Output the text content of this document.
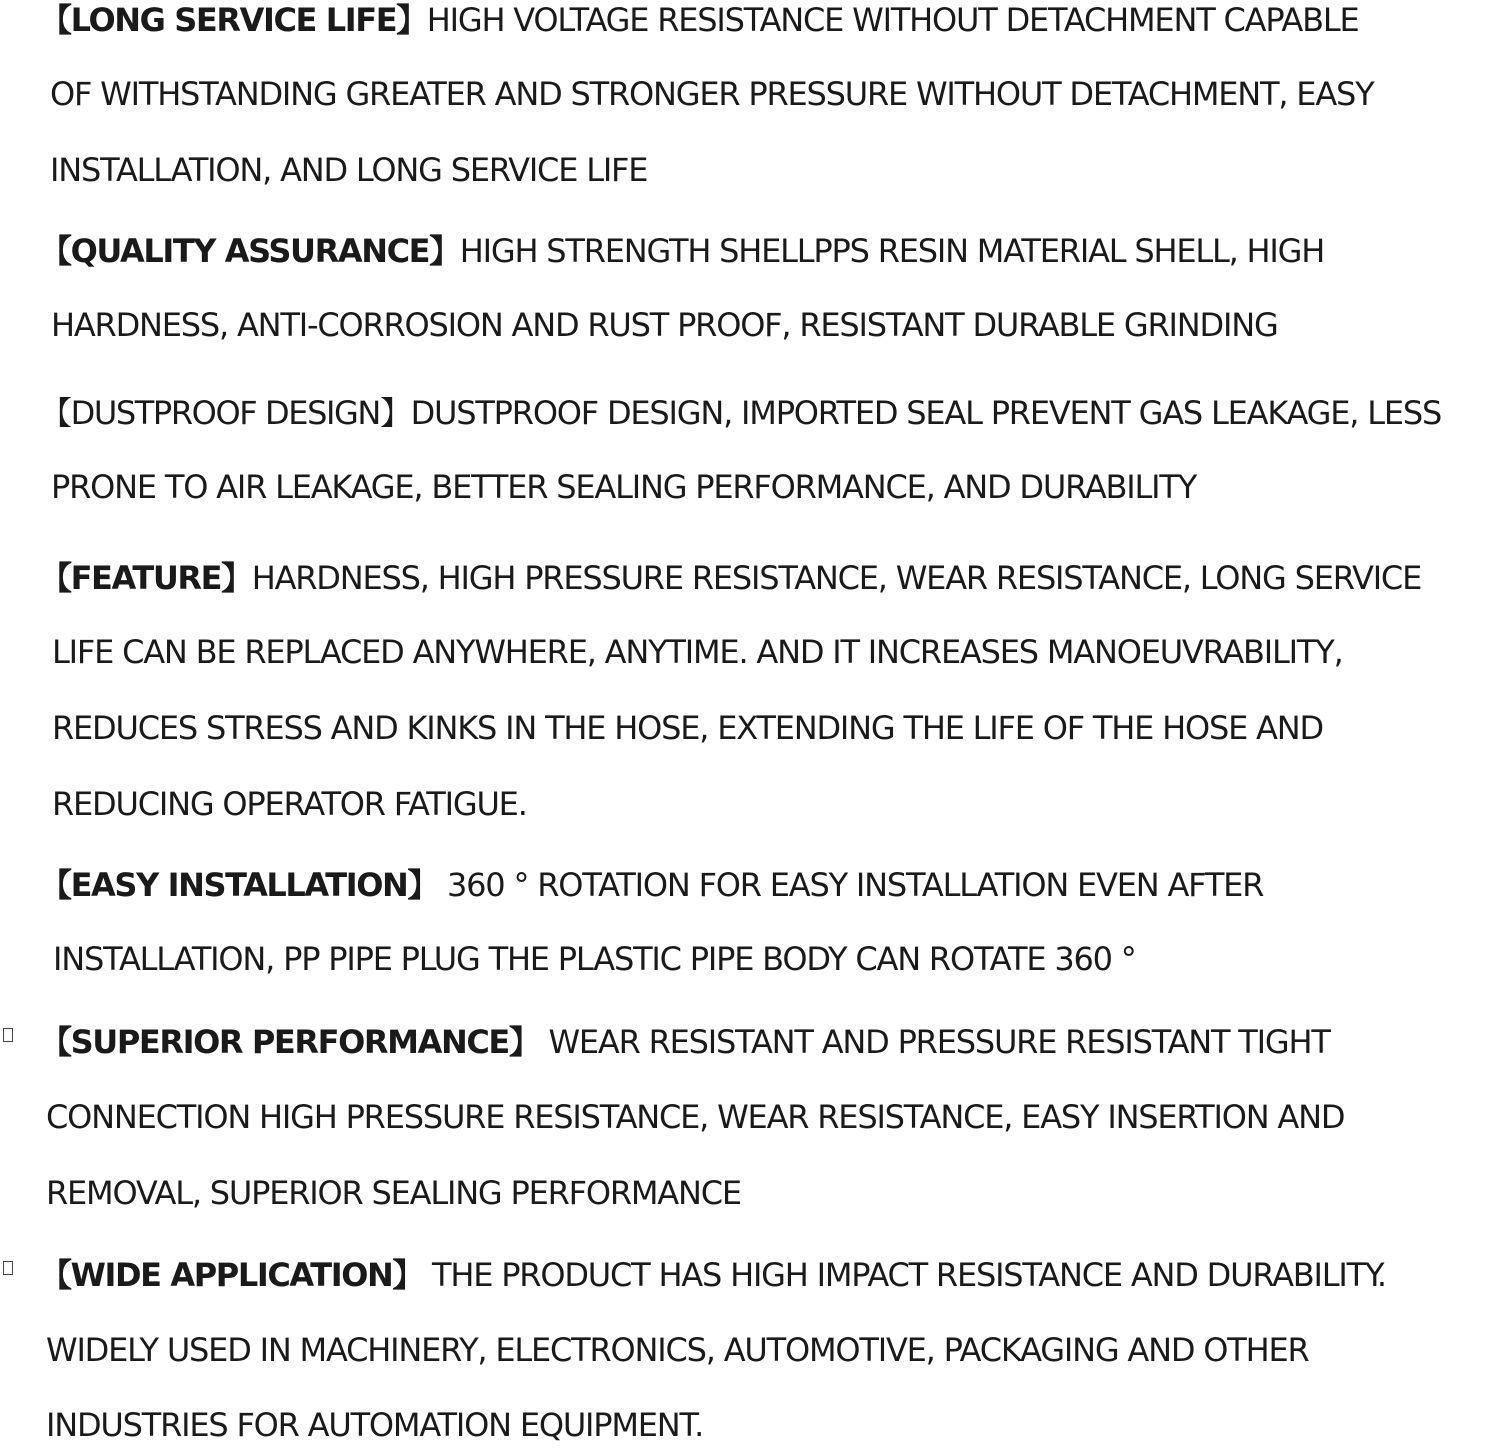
【LONG SERVICE LIFE】HIGH VOLTAGE RESISTANCE WITHOUT DETACHMENT CAPABLE
OF WITHSTANDING GREATER AND STRONGER PRESSURE WITHOUT DETACHMENT, EASY
INSTALLATION, AND LONG SERVICE LIFE
【QUALITY ASSURANCE】HIGH STRENGTH SHELLPPS RESIN MATERIAL SHELL, HIGH
HARDNESS, ANTI-CORROSION AND RUST PROOF, RESISTANT DURABLE GRINDING
【DUSTPROOF DESIGN】DUSTPROOF DESIGN, IMPORTED SEAL PREVENT GAS LEAKAGE, LESS
PRONE TO AIR LEAKAGE, BETTER SEALING PERFORMANCE, AND DURABILITY
【FEATURE】HARDNESS, HIGH PRESSURE RESISTANCE, WEAR RESISTANCE, LONG SERVICE
LIFE CAN BE REPLACED ANYWHERE, ANYTIME. AND IT INCREASES MANOEUVRABILITY,
REDUCES STRESS AND KINKS IN THE HOSE, EXTENDING THE LIFE OF THE HOSE AND
REDUCING OPERATOR FATIGUE.
【EASY INSTALLATION】 360 ° ROTATION FOR EASY INSTALLATION EVEN AFTER
INSTALLATION, PP PIPE PLUG THE PLASTIC PIPE BODY CAN ROTATE 360 °
【SUPERIOR PERFORMANCE】 WEAR RESISTANT AND PRESSURE RESISTANT TIGHT
CONNECTION HIGH PRESSURE RESISTANCE, WEAR RESISTANCE, EASY INSERTION AND
REMOVAL, SUPERIOR SEALING PERFORMANCE
【WIDE APPLICATION】 THE PRODUCT HAS HIGH IMPACT RESISTANCE AND DURABILITY.
WIDELY USED IN MACHINERY, ELECTRONICS, AUTOMOTIVE, PACKAGING AND OTHER
INDUSTRIES FOR AUTOMATION EQUIPMENT.
